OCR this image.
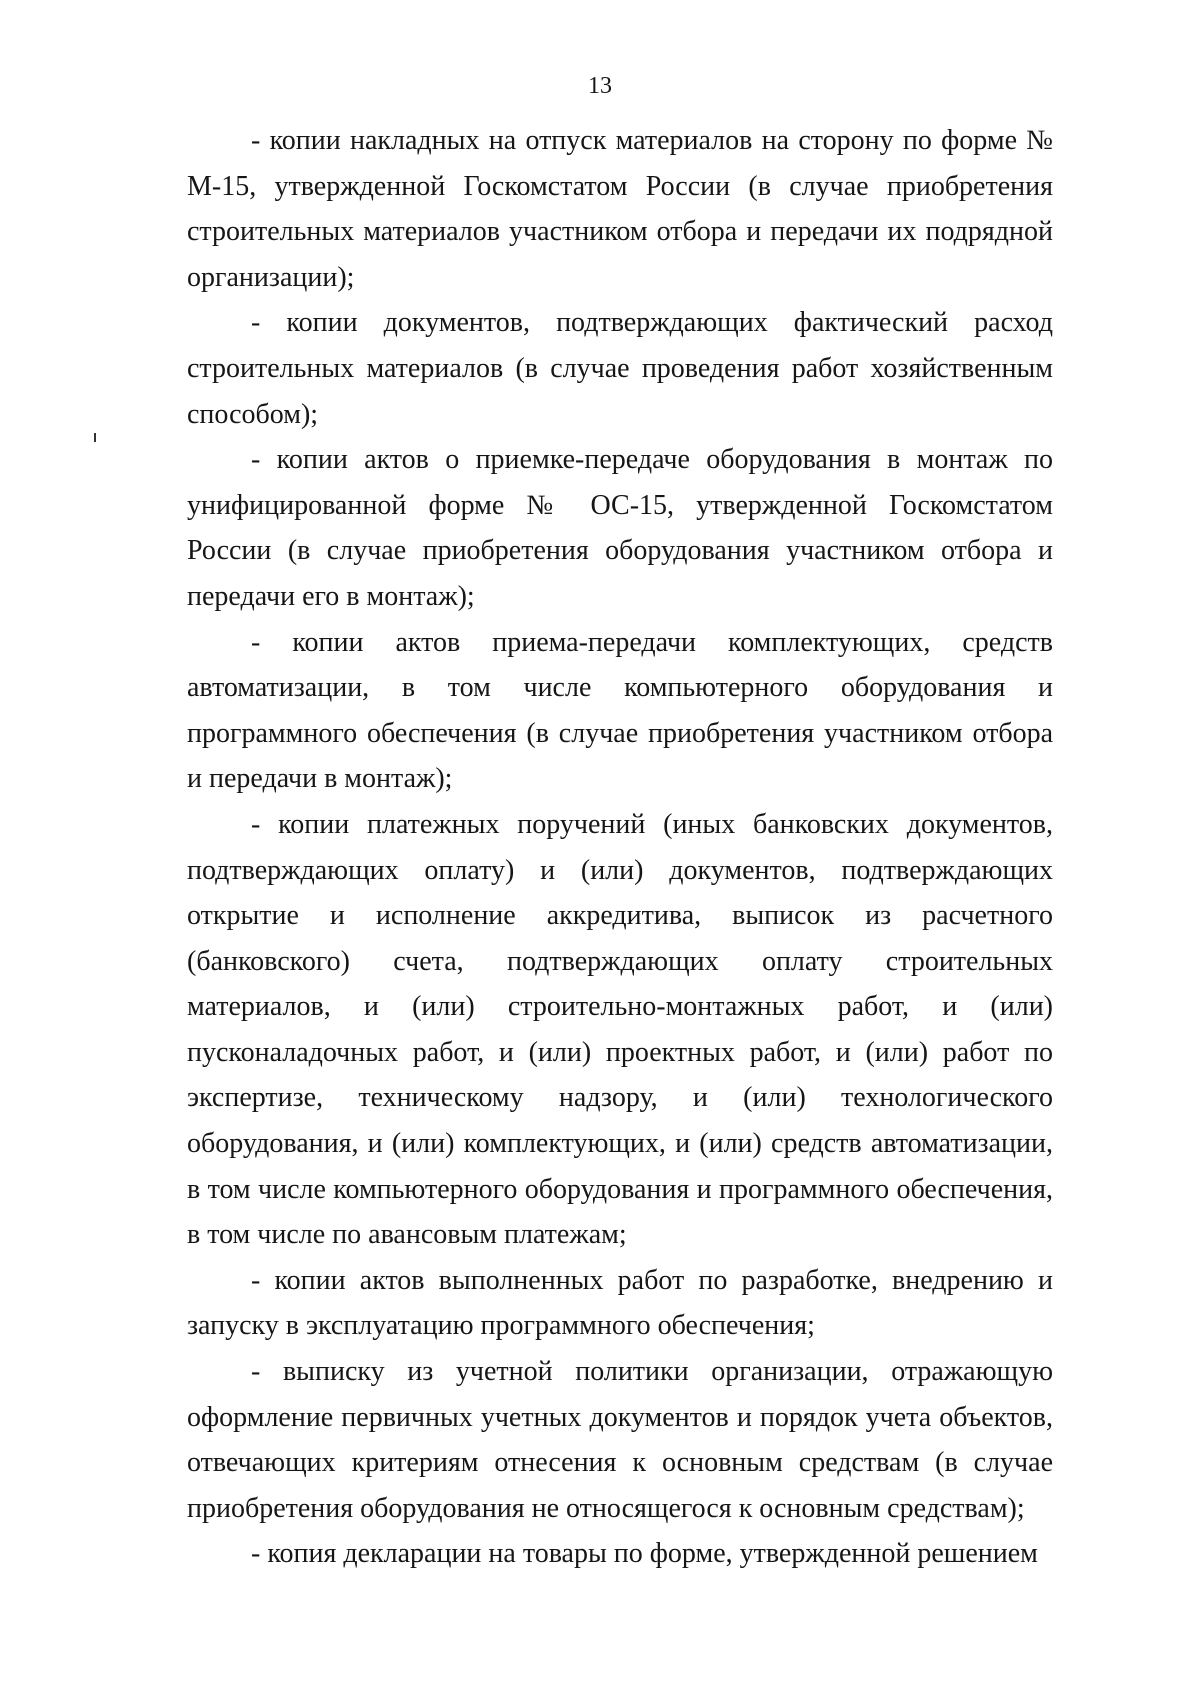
13

- копии накладных на отпуск материалов на сторону по форме № М-15, утвержденной Госкомстатом России (в случае приобретения строительных материалов участником отбора и передачи их подрядной организации);

- копии документов, подтверждающих фактический расход строительных материалов (в случае проведения работ хозяйственным способом);

- копии актов о приемке-передаче оборудования в монтаж по унифицированной форме № ОС-15, утвержденной Госкомстатом России (в случае приобретения оборудования участником отбора и передачи его в монтаж);

- копии актов приема-передачи комплектующих, средств автоматизации, в том числе компьютерного оборудования и программного обеспечения (в случае приобретения участником отбора и передачи в монтаж);

- копии платежных поручений (иных банковских документов, подтверждающих оплату) и (или) документов, подтверждающих открытие и исполнение аккредитива, выписок из расчетного (банковского) счета, подтверждающих оплату строительных материалов, и (или) строительно-монтажных работ, и (или) пусконаладочных работ, и (или) проектных работ, и (или) работ по экспертизе, техническому надзору, и (или) технологического оборудования, и (или) комплектующих, и (или) средств автоматизации, в том числе компьютерного оборудования и программного обеспечения, в том числе по авансовым платежам;

- копии актов выполненных работ по разработке, внедрению и запуску в эксплуатацию программного обеспечения;

- выписку из учетной политики организации, отражающую оформление первичных учетных документов и порядок учета объектов, отвечающих критериям отнесения к основным средствам (в случае приобретения оборудования не относящегося к основным средствам);

- копия декларации на товары по форме, утвержденной решением
